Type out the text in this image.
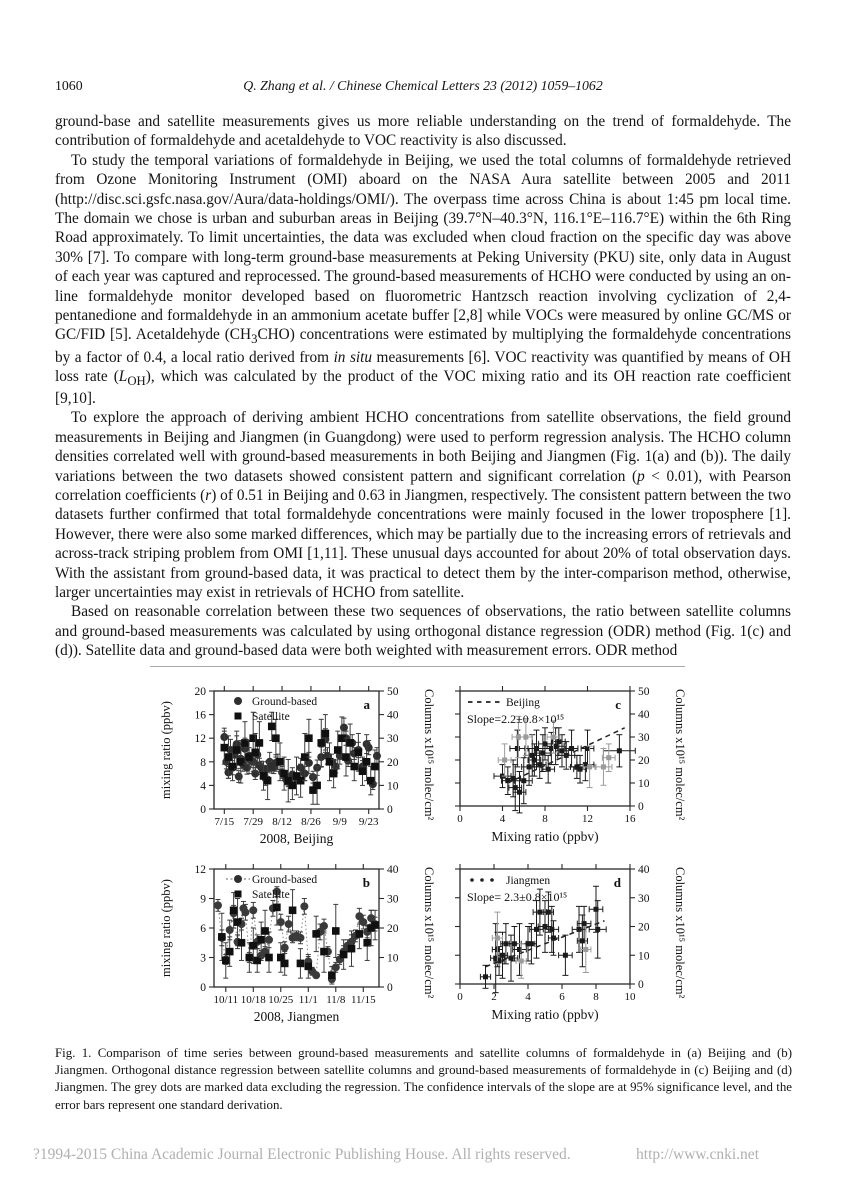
1060	Q. Zhang et al. / Chinese Chemical Letters 23 (2012) 1059–1062

ground-base and satellite measurements gives us more reliable understanding on the trend of formaldehyde. The contribution of formaldehyde and acetaldehyde to VOC reactivity is also discussed.

To study the temporal variations of formaldehyde in Beijing, we used the total columns of formaldehyde retrieved from Ozone Monitoring Instrument (OMI) aboard on the NASA Aura satellite between 2005 and 2011 (http://disc.sci.gsfc.nasa.gov/Aura/data-holdings/OMI/). The overpass time across China is about 1:45 pm local time. The domain we chose is urban and suburban areas in Beijing (39.7°N–40.3°N, 116.1°E–116.7°E) within the 6th Ring Road approximately. To limit uncertainties, the data was excluded when cloud fraction on the specific day was above 30% [7]. To compare with long-term ground-base measurements at Peking University (PKU) site, only data in August of each year was captured and reprocessed. The ground-based measurements of HCHO were conducted by using an on-line formaldehyde monitor developed based on fluorometric Hantzsch reaction involving cyclization of 2,4-pentanedione and formaldehyde in an ammonium acetate buffer [2,8] while VOCs were measured by online GC/MS or GC/FID [5]. Acetaldehyde $(CH_3CHO)$ concentrations were estimated by multiplying the formaldehyde concentrations by a factor of 0.4, a local ratio derived from in situ measurements [6]. VOC reactivity was quantified by means of OH loss rate $(L_{OH})$, which was calculated by the product of the VOC mixing ratio and its OH reaction rate coefficient [9,10].

To explore the approach of deriving ambient HCHO concentrations from satellite observations, the field ground measurements in Beijing and Jiangmen (in Guangdong) were used to perform regression analysis. The HCHO column densities correlated well with ground-based measurements in both Beijing and Jiangmen (Fig. 1(a) and (b)). The daily variations between the two datasets showed consistent pattern and significant correlation (p < 0.01), with Pearson correlation coefficients (r) of 0.51 in Beijing and 0.63 in Jiangmen, respectively. The consistent pattern between the two datasets further confirmed that total formaldehyde concentrations were mainly focused in the lower troposphere [1]. However, there were also some marked differences, which may be partially due to the increasing errors of retrievals and across-track striping problem from OMI [1,11]. These unusual days accounted for about 20% of total observation days. With the assistant from ground-based data, it was practical to detect them by the inter-comparison method, otherwise, larger uncertainties may exist in retrievals of HCHO from satellite.

Based on reasonable correlation between these two sequences of observations, the ratio between satellite columns and ground-based measurements was calculated by using orthogonal distance regression (ODR) method (Fig. 1(c) and (d)). Satellite data and ground-based data were both weighted with measurement errors. ODR method

7/15 7/29 8/12 8/26 9/9 9/23
2008, Beijing
0
10
20
30
40
50 Columns x10¹⁵ molec/cm²
0
4
8
12
16
20
mixing ratio (ppbv)	Ground-based
Satellite
a
0	4	8	12	16
Mixing ratio (ppbv)
0
10
20
30
40
50 Columns x10¹⁵ molec/cm²
Beijing
Slope=2.2±0.8×10¹⁵
c
10/11 10/18 10/25 11/1 11/8 11/15
2008, Jiangmen
0
10
20
30
40 Columns x10¹⁵ molec/cm²
0
3
6
9
12
mixing ratio (ppbv)	Ground-based
Satellite
b
0	2	4	6	8 10
Mixing ratio (ppbv)
0
10
20
30
40 Columns x10¹⁵ molec/cm²
Jiangmen
Slope= 2.3±0.8×10¹⁵
d

Fig. 1. Comparison of time series between ground-based measurements and satellite columns of formaldehyde in (a) Beijing and (b) Jiangmen. Orthogonal distance regression between satellite columns and ground-based measurements of formaldehyde in (c) Beijing and (d) Jiangmen. The grey dots are marked data excluding the regression. The confidence intervals of the slope are at 95% significance level, and the error bars represent one standard derivation.

?1994-2015 China Academic Journal Electronic Publishing House. All rights reserved.	http://www.cnki.net
